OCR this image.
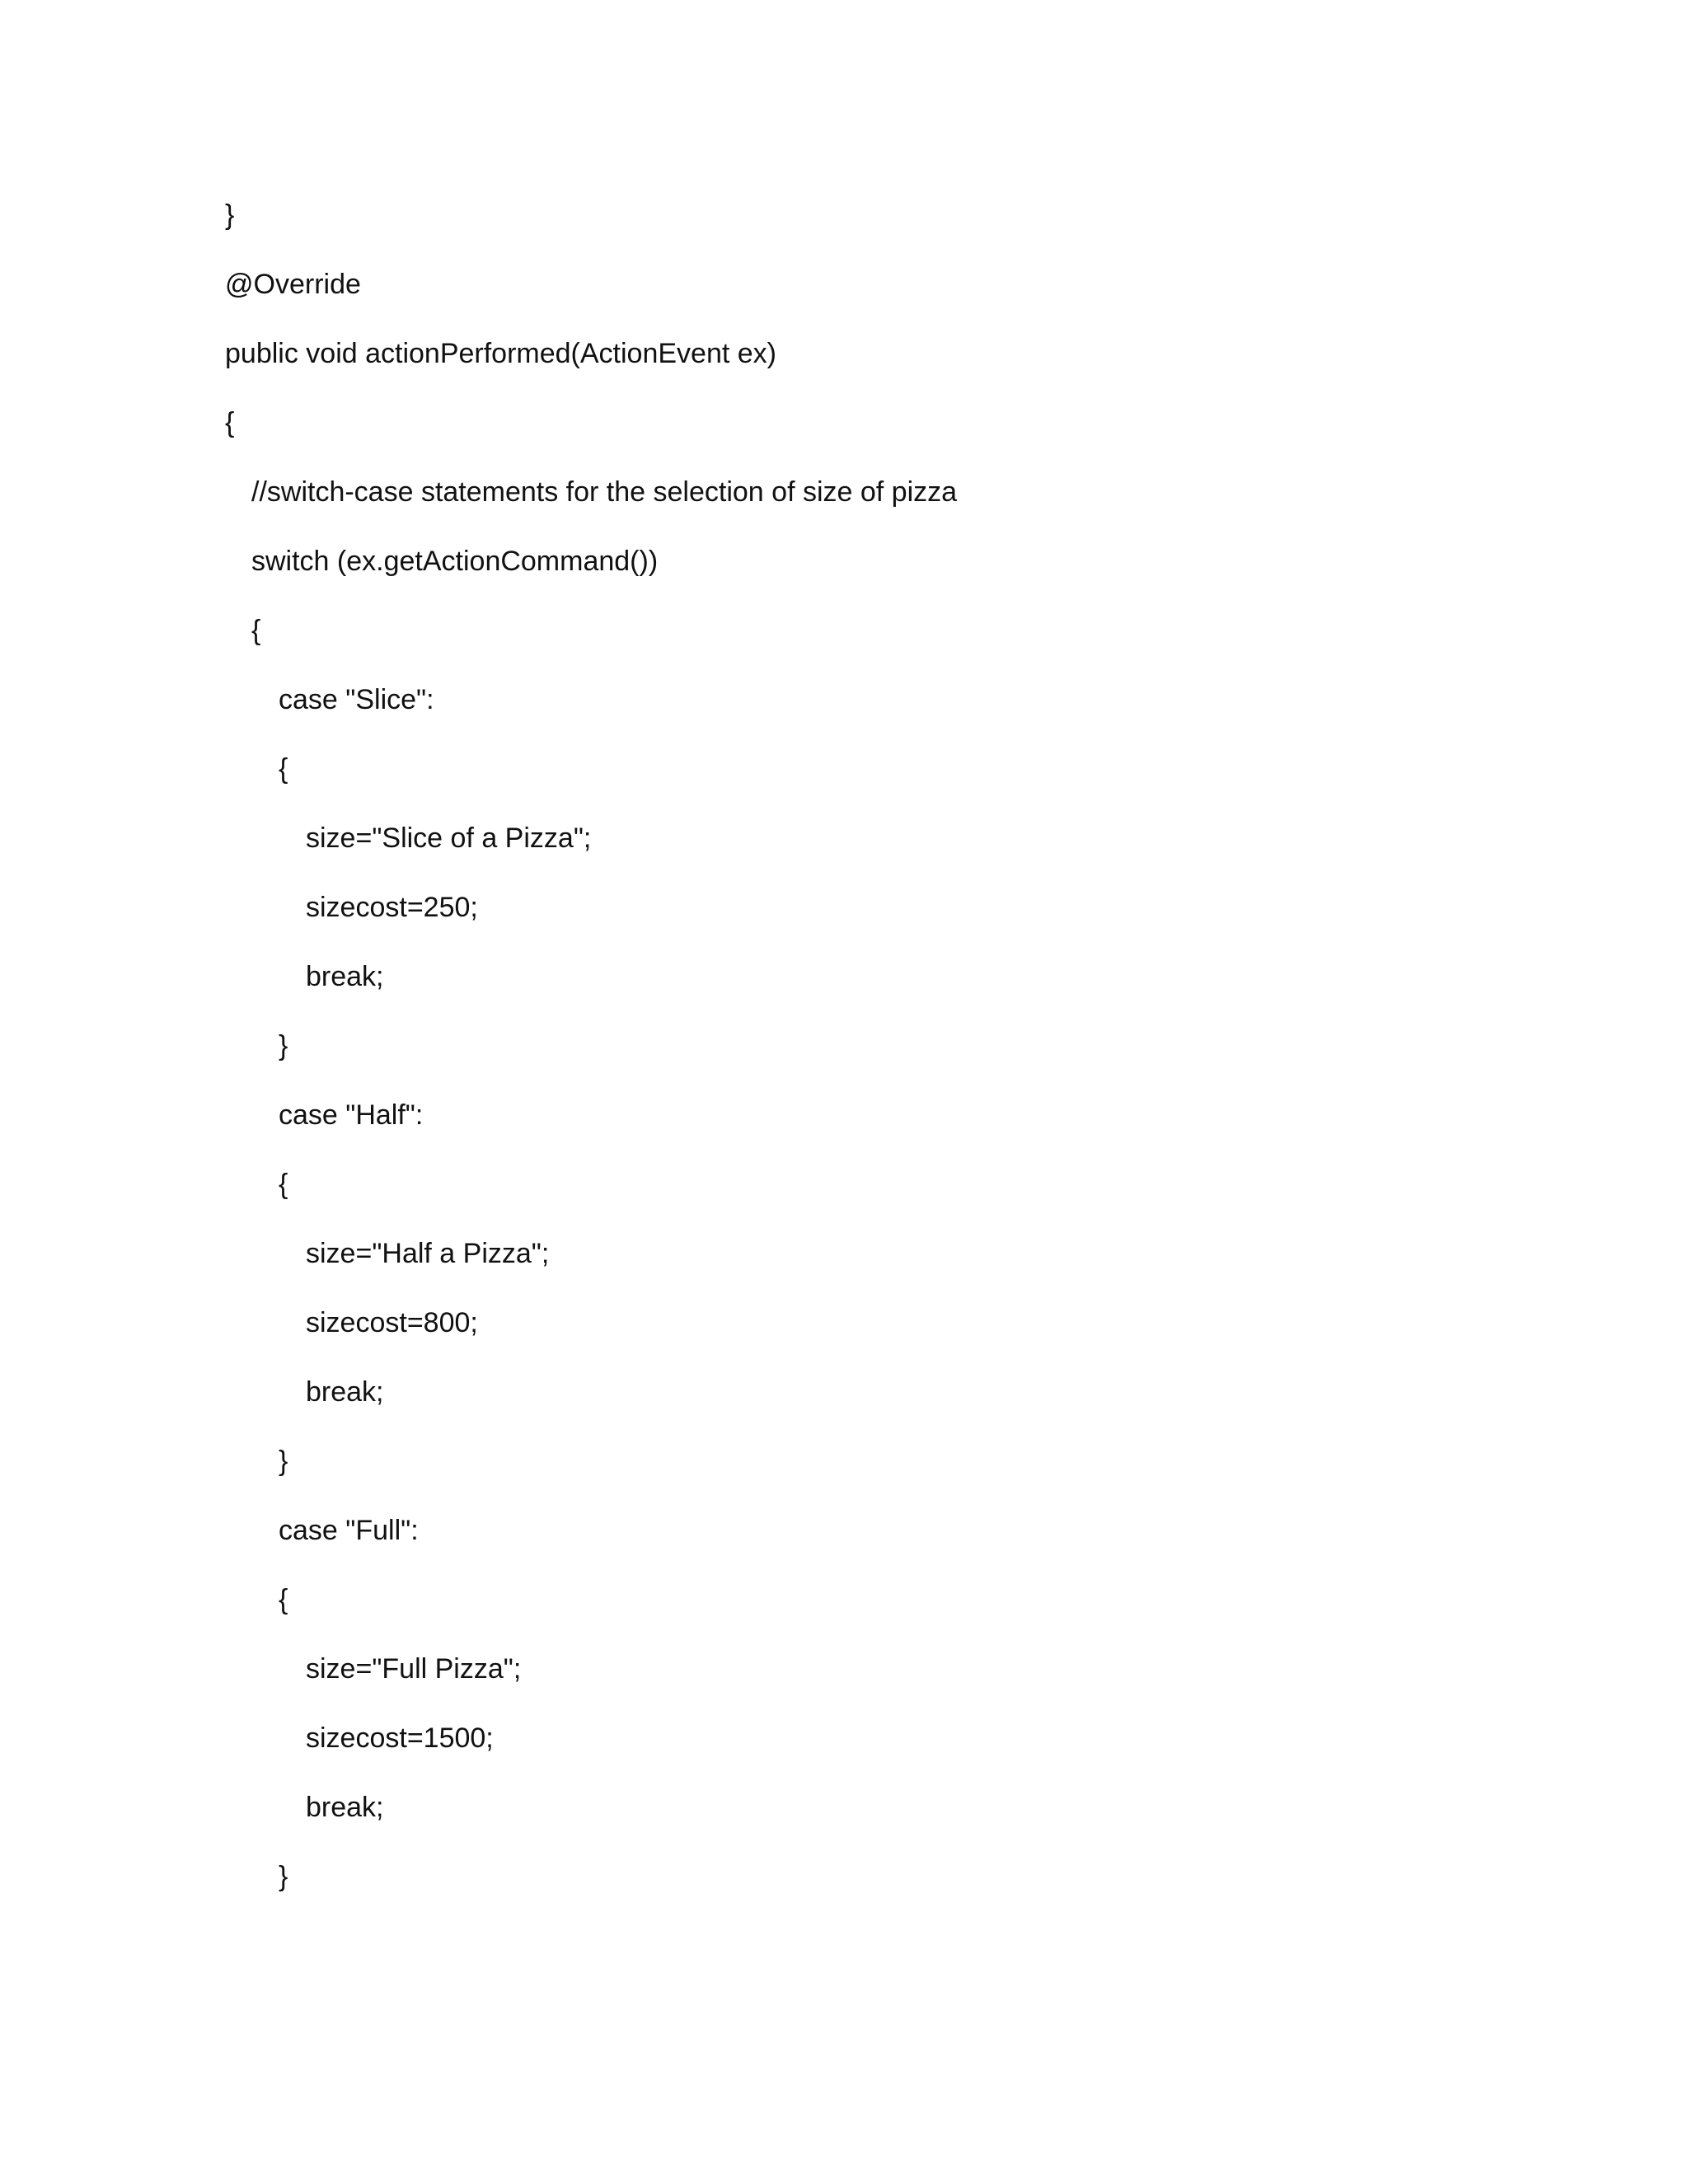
}
@Override
public void actionPerformed(ActionEvent ex)
{
//switch-case statements for the selection of size of pizza
switch (ex.getActionCommand())
{
case "Slice":
{
size="Slice of a Pizza";
sizecost=250;
break;
}
case "Half":
{
size="Half a Pizza";
sizecost=800;
break;
}
case "Full":
{
size="Full Pizza";
sizecost=1500;
break;
}
